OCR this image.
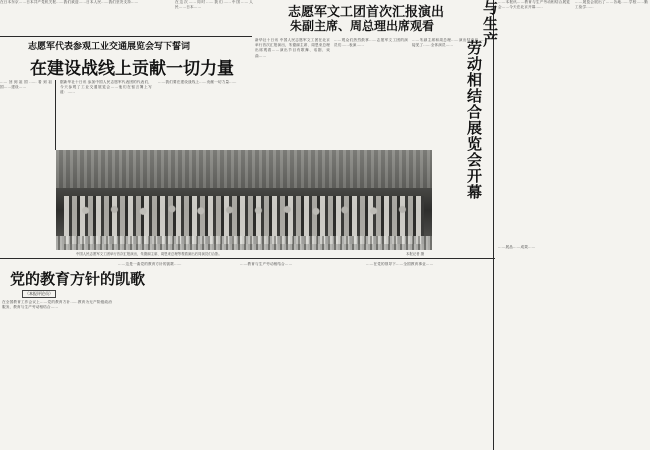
在日本东京……日本共产党机关报……我们欢迎……日本人民……我们坚决支持……	在这次……同时……我们……中国……人民……日本……	志愿军文工团首次汇报演出
朱副主席、周总理出席观看

新华社十日讯 中国人民志愿军文工团在北京举行首次汇报演出，朱德副主席、周恩来总理出席观看……演出节目有歌舞、话剧、戏曲……

……观众们热烈鼓掌……志愿军文工团的演员们……表演……

……朱副主席和周总理……演出结束后……接见了……全体演员……

志愿军代表参观工业交通展览会写下誓词
在建设战线上贡献一切力量

……回到祖国……看到祖国……建设……

据新华社十日讯 参加中国人民志愿军代表团的代表们，今天参观了工业交通展览会……他们在留言簿上写道：……

……我们要在建设战线上……贡献一切力量……

中国人民志愿军文工团举行首次汇报演出，朱德副主席、周恩来总理等观看演出后同演员们合影。	本报记者 摄
与生产
劳动相结合展览会开幕

……本报讯……教育与生产劳动相结合展览会……今天在北京开幕……

……展览会展出了……各地……学校……勤工俭学……

……展品……成果……

党的教育方针的凯歌
（本报评论员）

在全国教育工作会议上……党的教育方针……教育为无产阶级政治服务，教育与生产劳动相结合……

……这是一曲党的教育方针的凯歌……	……教育与生产劳动相结合……	……在党的领导下……全国教育事业……
